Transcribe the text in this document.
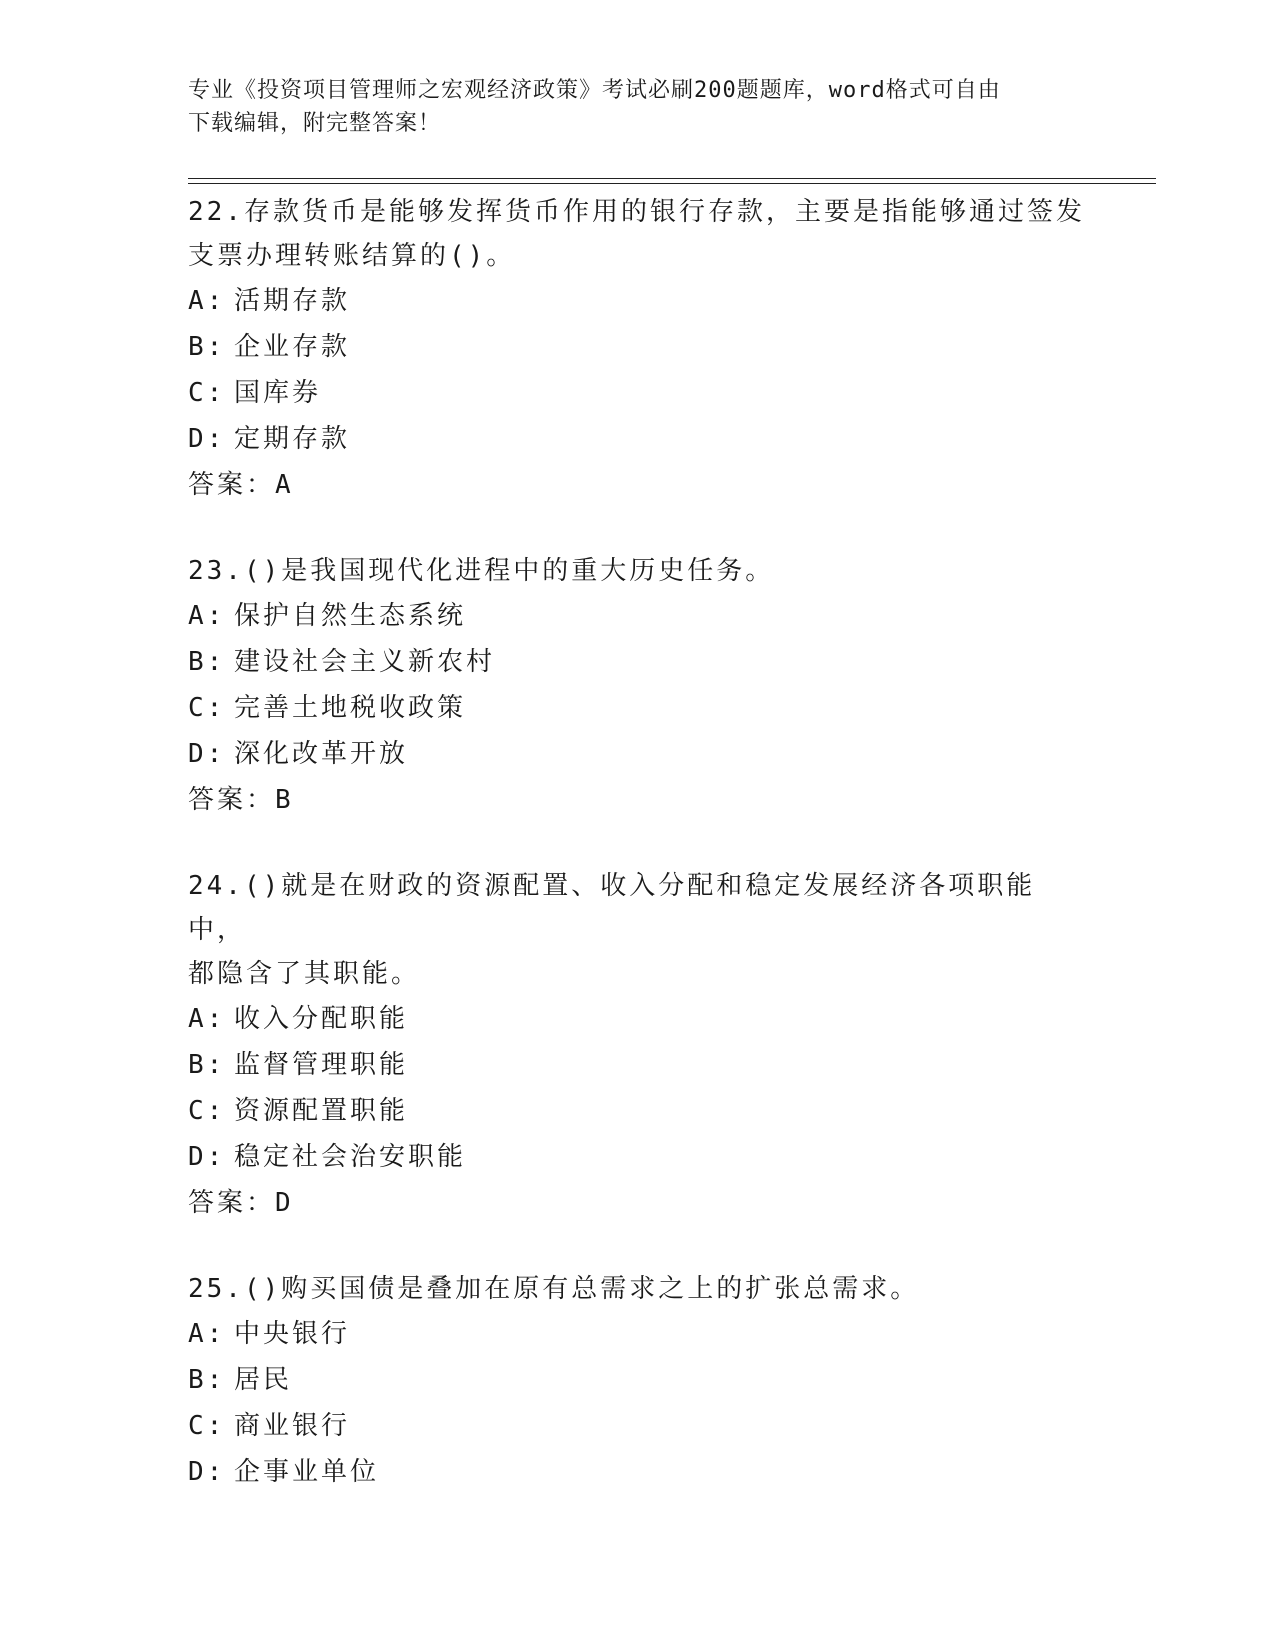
专业《投资项目管理师之宏观经济政策》考试必刷200题题库，word格式可自由
下载编辑，附完整答案！

22.存款货币是能够发挥货币作用的银行存款，主要是指能够通过签发

支票办理转账结算的()。

A: 活期存款

B: 企业存款

C: 国库券

D: 定期存款

答案：A

23.()是我国现代化进程中的重大历史任务。

A: 保护自然生态系统

B: 建设社会主义新农村

C: 完善土地税收政策

D: 深化改革开放

答案：B

24.()就是在财政的资源配置、收入分配和稳定发展经济各项职能中，

都隐含了其职能。

A: 收入分配职能

B: 监督管理职能

C: 资源配置职能

D: 稳定社会治安职能

答案：D

25.()购买国债是叠加在原有总需求之上的扩张总需求。

A: 中央银行

B: 居民

C: 商业银行

D: 企事业单位
